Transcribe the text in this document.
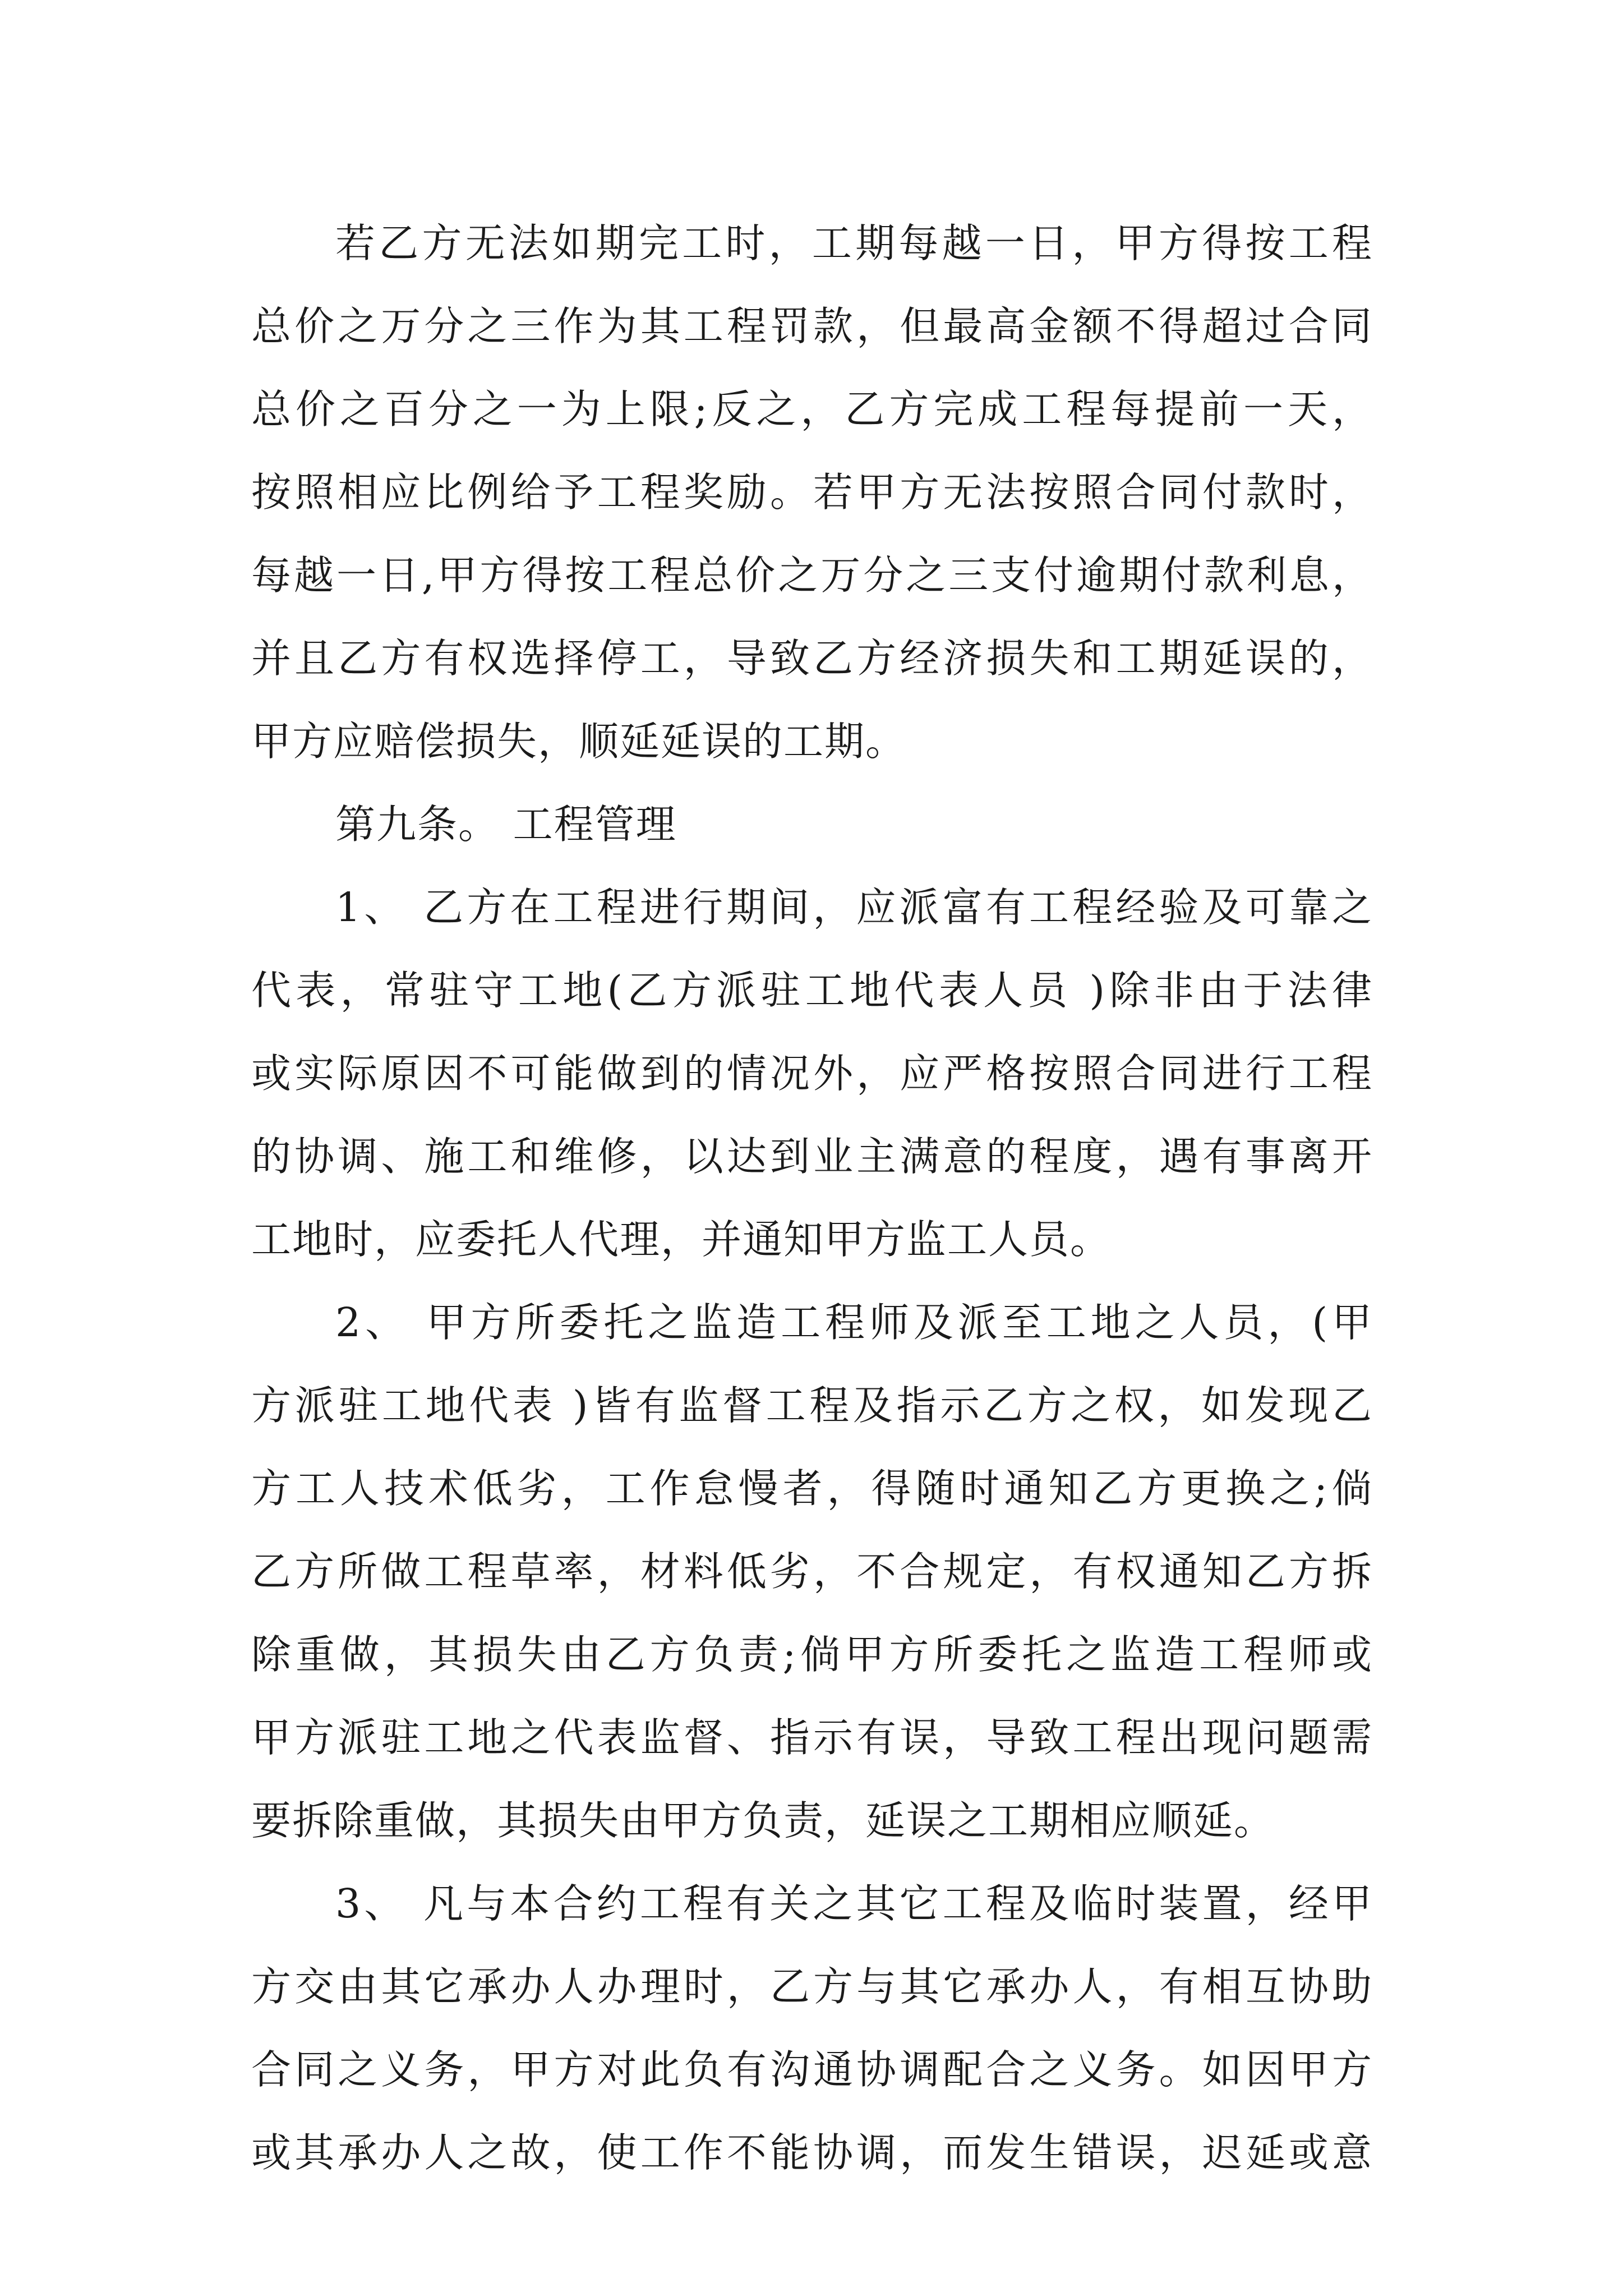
若乙方无法如期完工时，工期每越一日，甲方得按工程
总价之万分之三作为其工程罚款，但最高金额不得超过合同
总价之百分之一为上限;反之，乙方完成工程每提前一天，
按照相应比例给予工程奖励。若甲方无法按照合同付款时，
每越一日,甲方得按工程总价之万分之三支付逾期付款利息，
并且乙方有权选择停工，导致乙方经济损失和工期延误的，
甲方应赔偿损失，顺延延误的工期。
第九条。 工程管理
1、 乙方在工程进行期间，应派富有工程经验及可靠之
代表，常驻守工地(乙方派驻工地代表人员 )除非由于法律
或实际原因不可能做到的情况外，应严格按照合同进行工程
的协调、施工和维修，以达到业主满意的程度，遇有事离开
工地时，应委托人代理，并通知甲方监工人员。
2、 甲方所委托之监造工程师及派至工地之人员，(甲
方派驻工地代表 )皆有监督工程及指示乙方之权，如发现乙
方工人技术低劣，工作怠慢者，得随时通知乙方更换之;倘
乙方所做工程草率，材料低劣，不合规定，有权通知乙方拆
除重做，其损失由乙方负责;倘甲方所委托之监造工程师或
甲方派驻工地之代表监督、指示有误，导致工程出现问题需
要拆除重做，其损失由甲方负责，延误之工期相应顺延。
3、 凡与本合约工程有关之其它工程及临时装置，经甲
方交由其它承办人办理时，乙方与其它承办人，有相互协助
合同之义务，甲方对此负有沟通协调配合之义务。如因甲方
或其承办人之故，使工作不能协调，而发生错误，迟延或意
